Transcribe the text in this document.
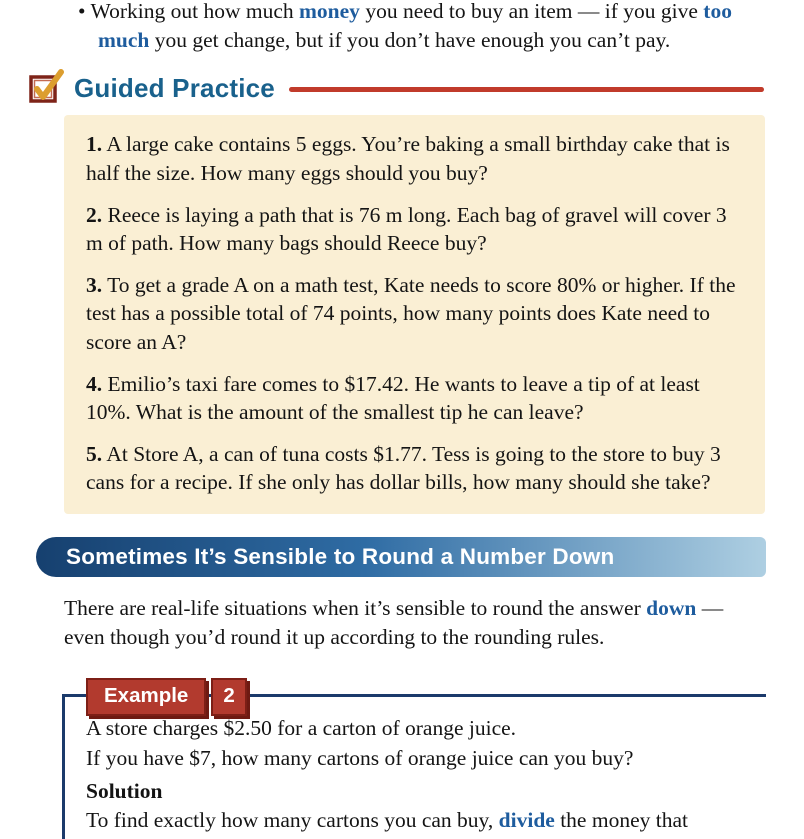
• Working out how much money you need to buy an item — if you give too much you get change, but if you don’t have enough you can’t pay.

Guided Practice

1. A large cake contains 5 eggs. You’re baking a small birthday cake that is half the size. How many eggs should you buy?

2. Reece is laying a path that is 76 m long. Each bag of gravel will cover 3 m of path. How many bags should Reece buy?

3. To get a grade A on a math test, Kate needs to score 80% or higher. If the test has a possible total of 74 points, how many points does Kate need to score an A?

4. Emilio’s taxi fare comes to $17.42. He wants to leave a tip of at least 10%. What is the amount of the smallest tip he can leave?

5. At Store A, a can of tuna costs $1.77. Tess is going to the store to buy 3 cans for a recipe. If she only has dollar bills, how many should she take?

Sometimes It’s Sensible to Round a Number Down

There are real-life situations when it’s sensible to round the answer down — even though you’d round it up according to the rounding rules.

Example	2

A store charges $2.50 for a carton of orange juice.

If you have $7, how many cartons of orange juice can you buy?

Solution

To find exactly how many cartons you can buy, divide the money that
